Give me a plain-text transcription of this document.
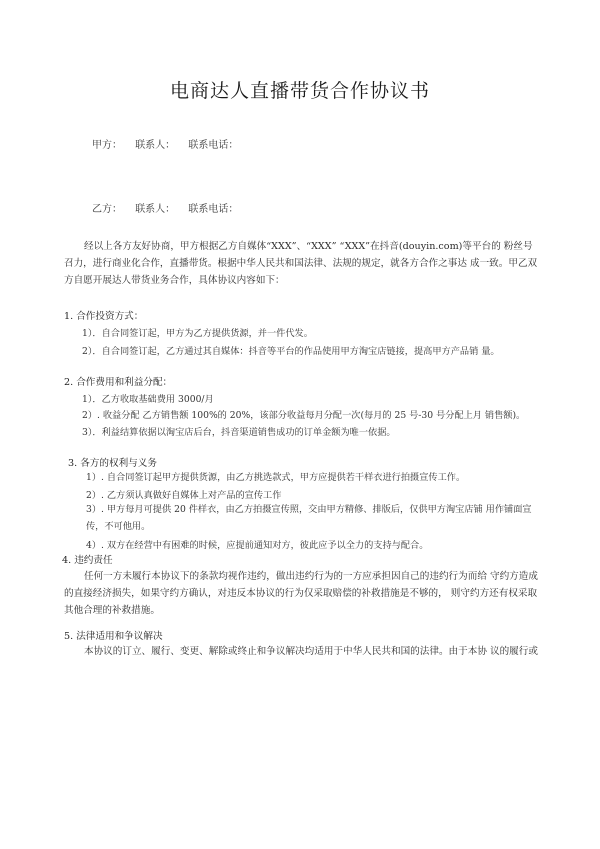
电商达人直播带货合作协议书
甲方： 联系人： 联系电话：
乙方： 联系人： 联系电话：
经以上各方友好协商，甲方根据乙方自媒体“XXX”、“XXX” “XXX”在抖音(douyin.com)等平台的 粉丝号召力，进行商业化合作，直播带货。根据中华人民共和国法律、法规的规定，就各方合作之事达 成一致。甲乙双方自愿开展达人带货业务合作，具体协议内容如下：
1. 合作投资方式：
1）．自合同签订起，甲方为乙方提供货源，并一件代发。
2）．自合同签订起，乙方通过其自媒体：抖音等平台的作品使用甲方淘宝店链接，提高甲方产品销 量。
2. 合作费用和利益分配：
1）．乙方收取基础费用 3000/月
2）. 收益分配 乙方销售额 100%的 20%，该部分收益每月分配一次(每月的 25 号-30 号分配上月 销售额)。
3）．利益结算依据以淘宝店后台，抖音渠道销售成功的订单金额为唯一依据。
3. 各方的权利与义务
1）. 自合同签订起甲方提供货源，由乙方挑选款式，甲方应提供若干样衣进行拍摄宣传工作。
2）. 乙方须认真做好自媒体上对产品的宣传工作
3）. 甲方每月可提供 20 件样衣，由乙方拍摄宣传照，交由甲方精修、排版后，仅供甲方淘宝店铺 用作铺面宣传，不可他用。
4）. 双方在经营中有困难的时候，应提前通知对方，彼此应予以全力的支持与配合。
4. 违约责任
任何一方未履行本协议下的条款均视作违约，做出违约行为的一方应承担因自己的违约行为而给 守约方造成的直接经济损失，如果守约方确认，对违反本协议的行为仅采取赔偿的补救措施是不够的， 则守约方还有权采取其他合理的补救措施。
5. 法律适用和争议解决
本协议的订立、履行、变更、解除或终止和争议解决均适用于中华人民共和国的法律。由于本协 议的履行或
